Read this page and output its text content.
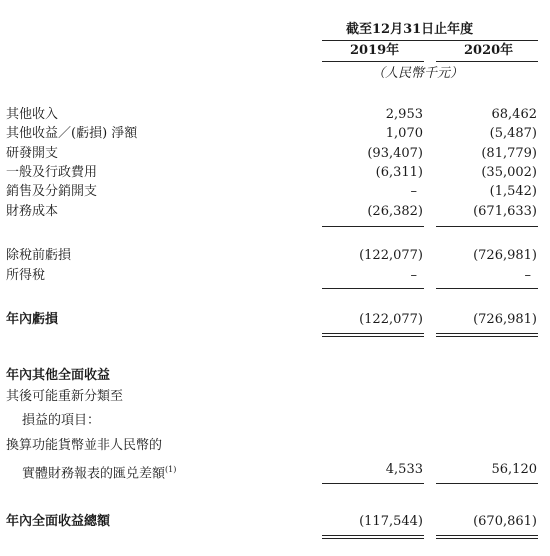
截至12月31日止年度
2019年	2020年
（人民幣千元）
其他收入	2,953	68,462
其他收益／(虧損) 淨額	1,070	(5,487)
研發開支	(93,407)	(81,779)
一般及行政費用	(6,311)	(35,002)
銷售及分銷開支	–	(1,542)
財務成本	(26,382)	(671,633)
除稅前虧損	(122,077)	(726,981)
所得稅	–	–
年內虧損	(122,077)	(726,981)
年內其他全面收益
其後可能重新分類至
損益的項目：
換算功能貨幣並非人民幣的
實體財務報表的匯兑差額$^{(1)}$	4,533	56,120
年內全面收益總額	(117,544)	(670,861)
